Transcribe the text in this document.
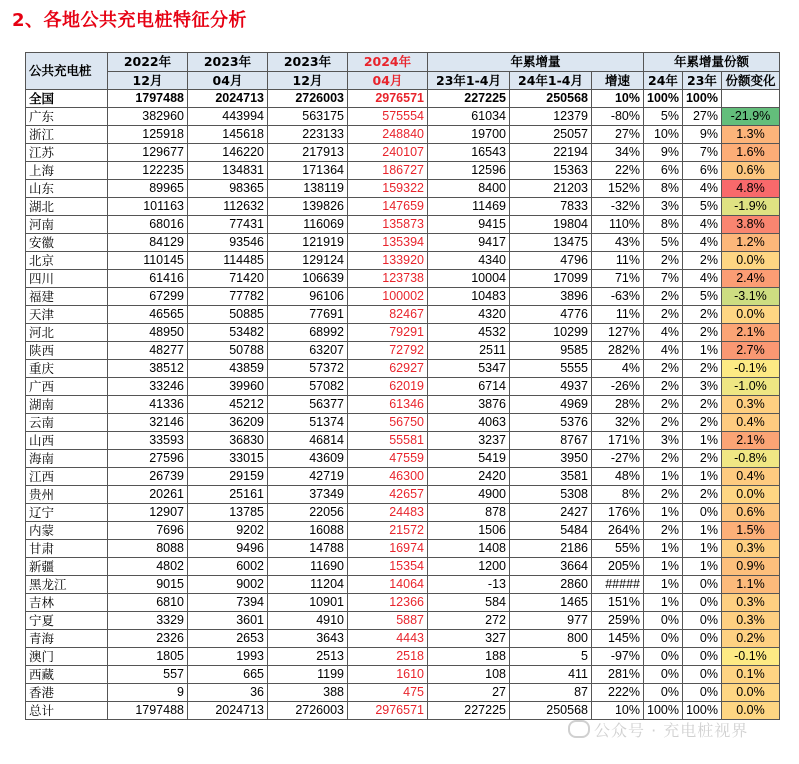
2、各地公共充电桩特征分析
公共充电桩	2022年	2023年	2023年	2024年	年累增量			年累增量份额		
	12月	04月	12月	04月	23年1-4月	24年1-4月	增速	24年	23年	份额变化
全国	1797488	2024713	2726003	2976571	227225	250568	10%	100%	100%	
广东	382960	443994	563175	575554	61034	12379	-80%	5%	27%	-21.9%
浙江	125918	145618	223133	248840	19700	25057	27%	10%	9%	1.3%
江苏	129677	146220	217913	240107	16543	22194	34%	9%	7%	1.6%
上海	122235	134831	171364	186727	12596	15363	22%	6%	6%	0.6%
山东	89965	98365	138119	159322	8400	21203	152%	8%	4%	4.8%
湖北	101163	112632	139826	147659	11469	7833	-32%	3%	5%	-1.9%
河南	68016	77431	116069	135873	9415	19804	110%	8%	4%	3.8%
安徽	84129	93546	121919	135394	9417	13475	43%	5%	4%	1.2%
北京	110145	114485	129124	133920	4340	4796	11%	2%	2%	0.0%
四川	61416	71420	106639	123738	10004	17099	71%	7%	4%	2.4%
福建	67299	77782	96106	100002	10483	3896	-63%	2%	5%	-3.1%
天津	46565	50885	77691	82467	4320	4776	11%	2%	2%	0.0%
河北	48950	53482	68992	79291	4532	10299	127%	4%	2%	2.1%
陕西	48277	50788	63207	72792	2511	9585	282%	4%	1%	2.7%
重庆	38512	43859	57372	62927	5347	5555	4%	2%	2%	-0.1%
广西	33246	39960	57082	62019	6714	4937	-26%	2%	3%	-1.0%
湖南	41336	45212	56377	61346	3876	4969	28%	2%	2%	0.3%
云南	32146	36209	51374	56750	4063	5376	32%	2%	2%	0.4%
山西	33593	36830	46814	55581	3237	8767	171%	3%	1%	2.1%
海南	27596	33015	43609	47559	5419	3950	-27%	2%	2%	-0.8%
江西	26739	29159	42719	46300	2420	3581	48%	1%	1%	0.4%
贵州	20261	25161	37349	42657	4900	5308	8%	2%	2%	0.0%
辽宁	12907	13785	22056	24483	878	2427	176%	1%	0%	0.6%
内蒙	7696	9202	16088	21572	1506	5484	264%	2%	1%	1.5%
甘肃	8088	9496	14788	16974	1408	2186	55%	1%	1%	0.3%
新疆	4802	6002	11690	15354	1200	3664	205%	1%	1%	0.9%
黑龙江	9015	9002	11204	14064	-13	2860	#####	1%	0%	1.1%
吉林	6810	7394	10901	12366	584	1465	151%	1%	0%	0.3%
宁夏	3329	3601	4910	5887	272	977	259%	0%	0%	0.3%
青海	2326	2653	3643	4443	327	800	145%	0%	0%	0.2%
澳门	1805	1993	2513	2518	188	5	-97%	0%	0%	-0.1%
西藏	557	665	1199	1610	108	411	281%	0%	0%	0.1%
香港	9	36	388	475	27	87	222%	0%	0%	0.0%
总计	1797488	2024713	2726003	2976571	227225	250568	10%	100%	100%	0.0%
公众号 · 充电桩视界
